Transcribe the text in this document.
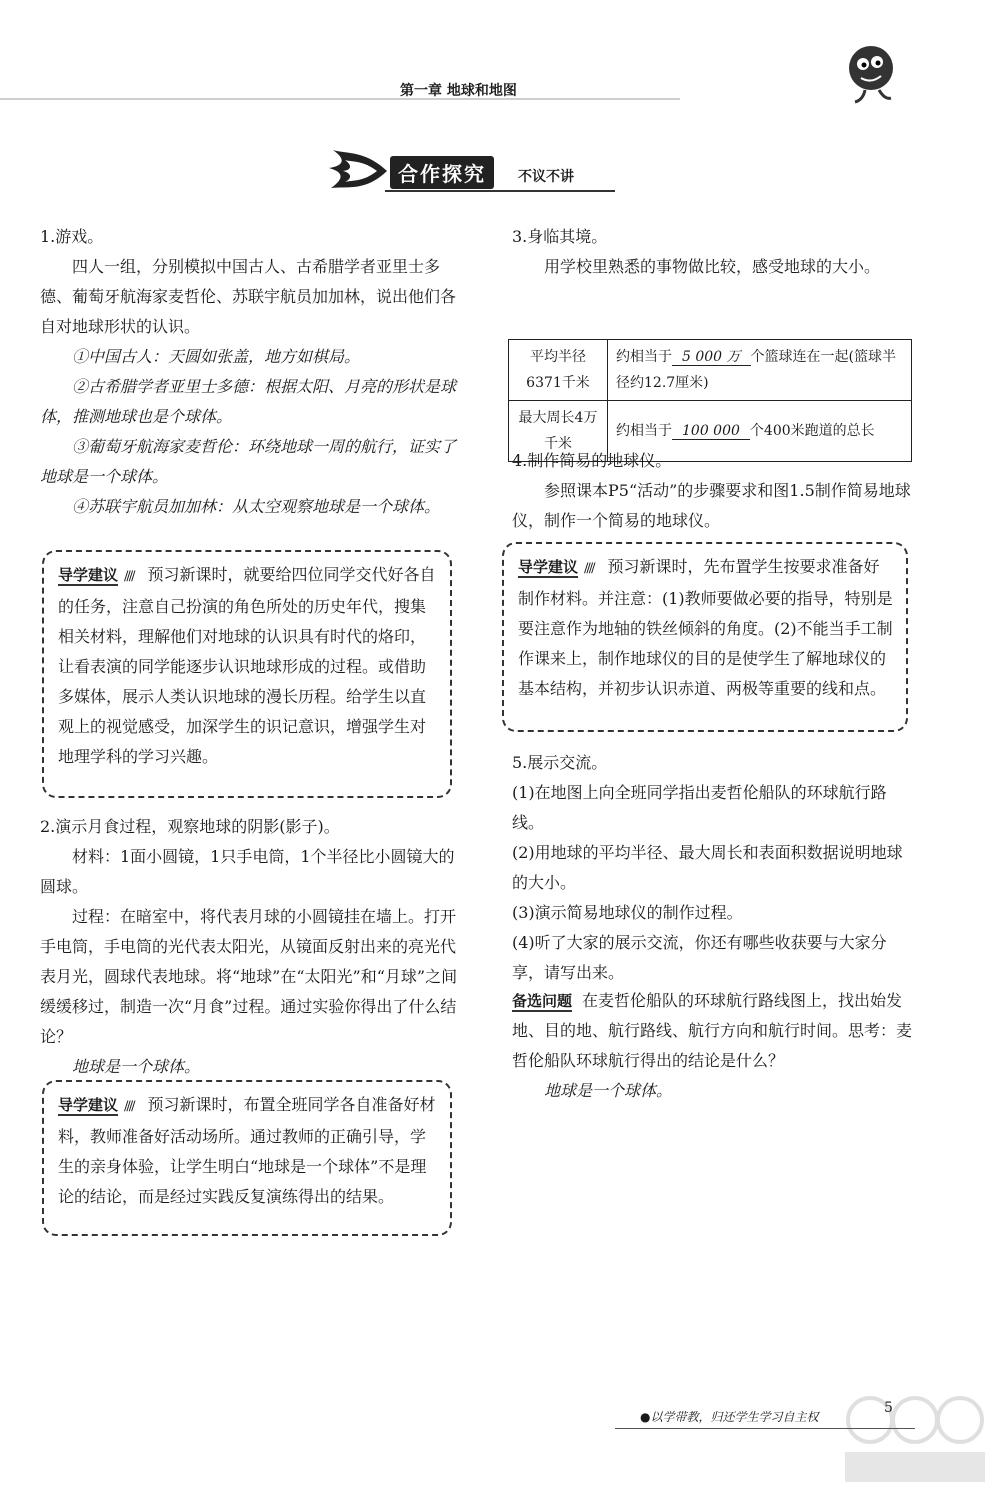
第一章 地球和地图
合作探究	不议不讲

1.游戏。

四人一组，分别模拟中国古人、古希腊学者亚里士多德、葡萄牙航海家麦哲伦、苏联宇航员加加林，说出他们各自对地球形状的认识。

①中国古人：天圆如张盖，地方如棋局。

②古希腊学者亚里士多德：根据太阳、月亮的形状是球体，推测地球也是个球体。

③葡萄牙航海家麦哲伦：环绕地球一周的航行，证实了地球是一个球体。

④苏联宇航员加加林：从太空观察地球是一个球体。

导学建议 //// 预习新课时，就要给四位同学交代好各自的任务，注意自己扮演的角色所处的历史年代，搜集相关材料，理解他们对地球的认识具有时代的烙印，让看表演的同学能逐步认识地球形成的过程。或借助多媒体，展示人类认识地球的漫长历程。给学生以直观上的视觉感受，加深学生的识记意识，增强学生对地理学科的学习兴趣。

2.演示月食过程，观察地球的阴影(影子)。

材料：1面小圆镜，1只手电筒，1个半径比小圆镜大的圆球。

过程：在暗室中，将代表月球的小圆镜挂在墙上。打开手电筒，手电筒的光代表太阳光，从镜面反射出来的亮光代表月光，圆球代表地球。将“地球”在“太阳光”和“月球”之间缓缓移过，制造一次“月食”过程。通过实验你得出了什么结论？

地球是一个球体。

导学建议 //// 预习新课时，布置全班同学各自准备好材料，教师准备好活动场所。通过教师的正确引导，学生的亲身体验，让学生明白“地球是一个球体”不是理论的结论，而是经过实践反复演练得出的结果。

3.身临其境。

用学校里熟悉的事物做比较，感受地球的大小。

平均半径6371千米	约相当于 5 000 万 个篮球连在一起(篮球半径约12.7厘米)
最大周长4万千米	约相当于 100 000 个400米跑道的总长

4.制作简易的地球仪。

参照课本P5“活动”的步骤要求和图1.5制作简易地球仪，制作一个简易的地球仪。

导学建议 //// 预习新课时，先布置学生按要求准备好制作材料。并注意：(1)教师要做必要的指导，特别是要注意作为地轴的铁丝倾斜的角度。(2)不能当手工制作课来上，制作地球仪的目的是使学生了解地球仪的基本结构，并初步认识赤道、两极等重要的线和点。

5.展示交流。

(1)在地图上向全班同学指出麦哲伦船队的环球航行路线。

(2)用地球的平均半径、最大周长和表面积数据说明地球的大小。

(3)演示简易地球仪的制作过程。

(4)听了大家的展示交流，你还有哪些收获要与大家分享，请写出来。

备选问题 在麦哲伦船队的环球航行路线图上，找出始发地、目的地、航行路线、航行方向和航行时间。思考：麦哲伦船队环球航行得出的结论是什么？

地球是一个球体。

●以学带教，归还学生学习自主权
5
